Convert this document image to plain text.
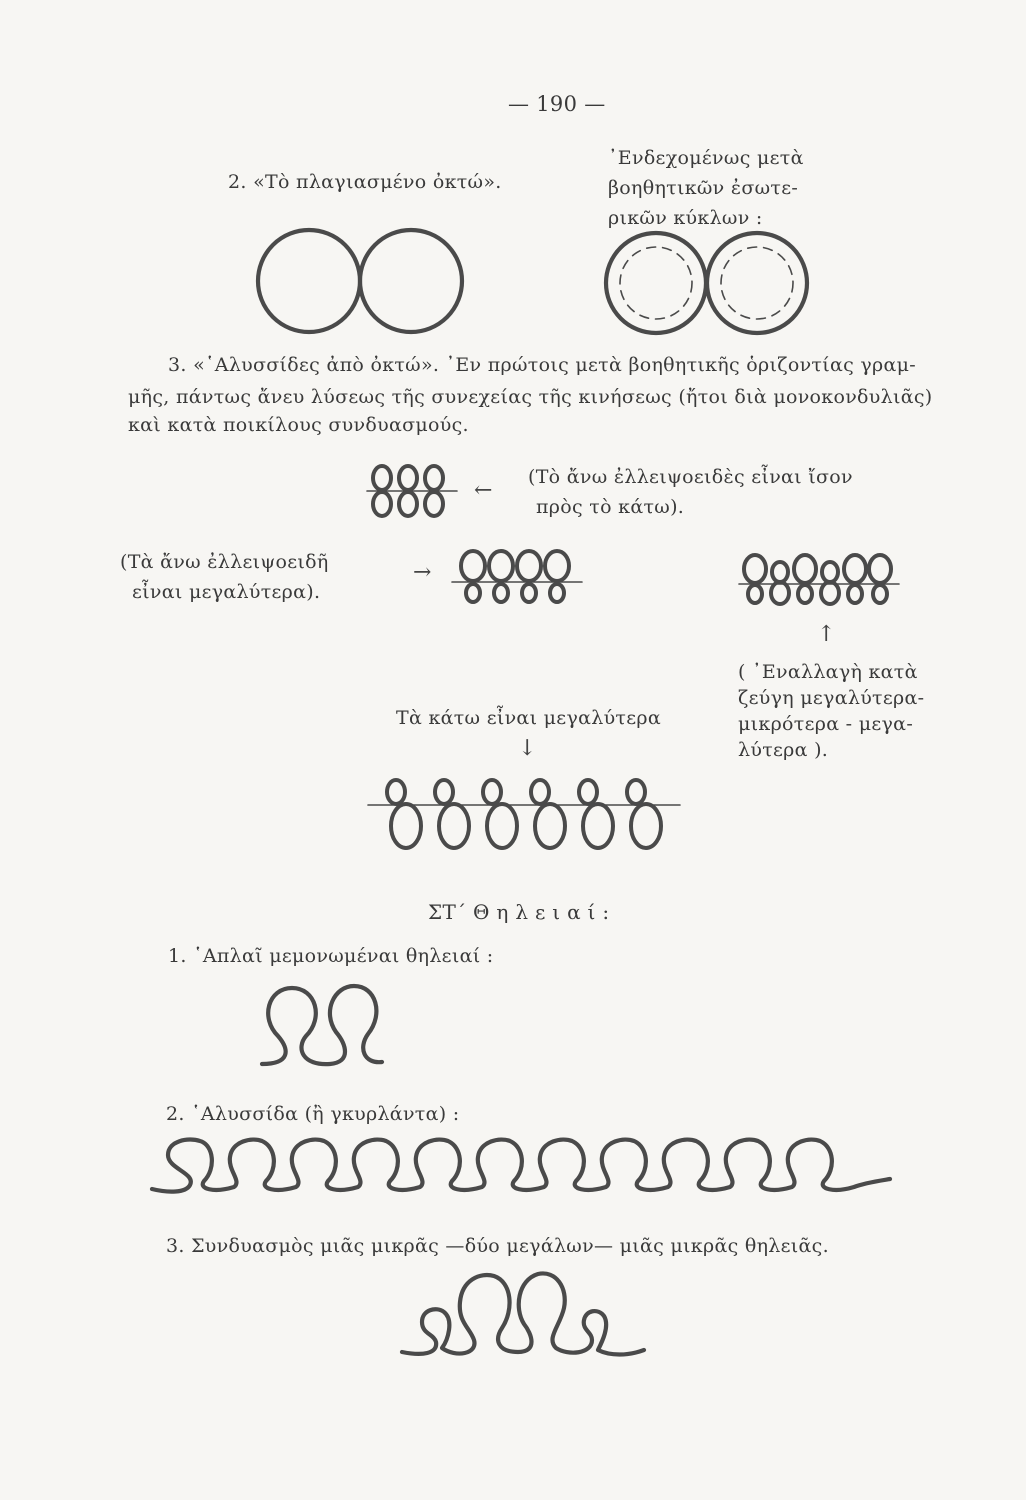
— 190 —
2. «Τὸ πλαγιασμένο ὀκτώ».
᾿Ενδεχομένως μετὰ
βοηθητικῶν ἐσωτε-
ρικῶν κύκλων :
3. «῾Αλυσσίδες ἀπὸ ὀκτώ». ᾿Εν πρώτοις μετὰ βοηθητικῆς ὁριζοντίας γραμ-
μῆς, πάντως ἄνευ λύσεως τῆς συνεχείας τῆς κινήσεως (ἤτοι διὰ μονοκονδυλιᾶς)
καὶ κατὰ ποικίλους συνδυασμούς.
←
(Τὸ ἄνω ἐλλειψοειδὲς εἶναι ἴσον
πρὸς τὸ κάτω).
(Τὰ ἄνω ἐλλειψοειδῆ
εἶναι μεγαλύτερα).
→
↑
( ᾿Εναλλαγὴ κατὰ
ζεύγη μεγαλύτερα-
μικρότερα - μεγα-
λύτερα ).
Τὰ κάτω εἶναι μεγαλύτερα
↓
ΣΤ΄ Θ η λ ε ι α ί :
1. ῾Απλαῖ μεμονωμέναι θηλειαί :
2. ῾Αλυσσίδα (ἢ γκυρλάντα) :
3. Συνδυασμὸς μιᾶς μικρᾶς —δύο μεγάλων— μιᾶς μικρᾶς θηλειᾶς.
